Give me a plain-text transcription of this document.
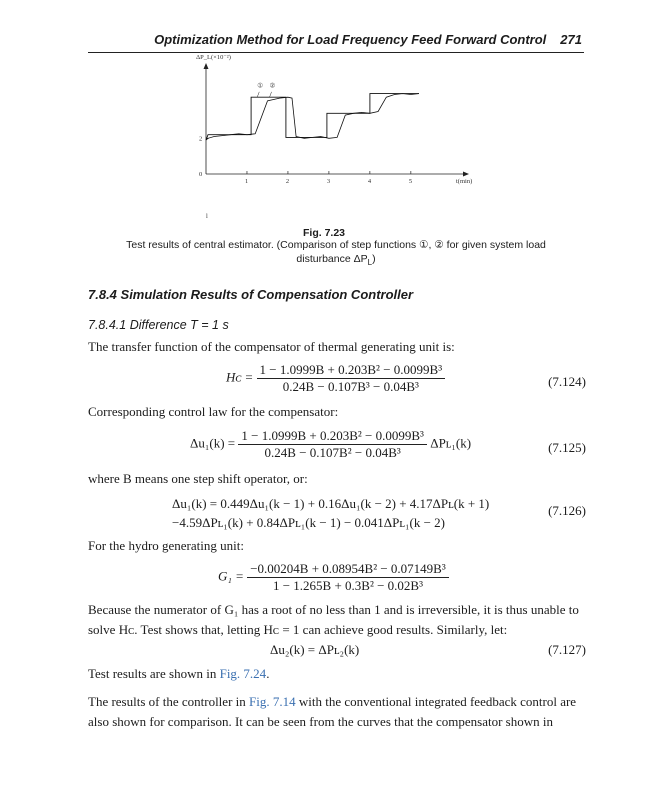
Optimization Method for Load Frequency Feed Forward Control 271
ΔP_L(×10⁻²)
t(min)
l
0
1	2	3	4	5
2
① ②
Fig. 7.23
Test results of central estimator. (Comparison of step functions ①, ② for given system load disturbance $\Delta P_L$)
7.8.4 Simulation Results of Compensation Controller
7.8.4.1 Difference T = 1 s
The transfer function of the compensator of thermal generating unit is:
Hᴄ = $\frac{\text{1 − 1.0999B + 0.203B² − 0.0099B³}}{\text{0.24B − 0.107B³ − 0.04B³}}$	(7.124)
Corresponding control law for the compensator:
$\Delta u_1(k) = \frac{\text{1 − 1.0999B + 0.203B² − 0.0099B³}}{\text{0.24B − 0.107B² − 0.04B³}}$ ΔPʟ₁(k)	(7.125)
where B means one step shift operator, or:
Δu₁(k) = 0.449Δu₁(k − 1) + 0.16Δu₁(k − 2) + 4.17ΔPʟ(k + 1)
−4.59ΔPʟ₁(k) + 0.84ΔPʟ₁(k − 1) − 0.041ΔPʟ₁(k − 2)
(7.126)
For the hydro generating unit:
$G_1 = \frac{\text{−0.00204B + 0.08954B² − 0.07149B³}}{\text{1 − 1.265B + 0.3B² − 0.02B³}}$
Because the numerator of G₁ has a root of no less than 1 and is irreversible, it is thus unable to solve Hᴄ. Test shows that, letting Hᴄ = 1 can achieve good results. Similarly, let:
Δu₂(k) = ΔPʟ₂(k)	(7.127)
Test results are shown in Fig. 7.24.
The results of the controller in Fig. 7.14 with the conventional integrated feedback control are also shown for comparison. It can be seen from the curves that the compensator shown in
